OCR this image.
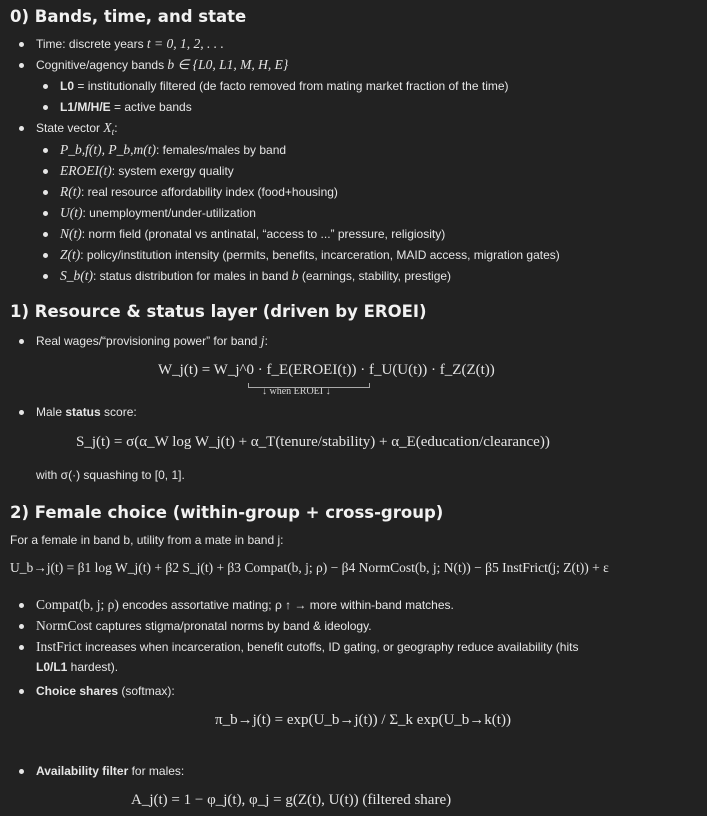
0) Bands, time, and state
Time: discrete years t = 0, 1, 2, . . .
Cognitive/agency bands b ∈ {L0, L1, M, H, E}
L0 = institutionally filtered (de facto removed from mating market fraction of the time)
L1/M/H/E = active bands
State vector $X_t$:
P_b,f(t), P_b,m(t): females/males by band
EROEI(t): system exergy quality
R(t): real resource affordability index (food+housing)
U(t): unemployment/under-utilization
N(t): norm field (pronatal vs antinatal, “access to ...” pressure, religiosity)
Z(t): policy/institution intensity (permits, benefits, incarceration, MAID access, migration gates)
S_b(t): status distribution for males in band b (earnings, stability, prestige)
1) Resource & status layer (driven by EROEI)
Real wages/“provisioning power” for band j:
W_j(t) = W_j^0 · f_E(EROEI(t)) · f_U(U(t)) · f_Z(Z(t))
↓ when EROEI ↓
Male status score:
S_j(t) = σ(α_W log W_j(t) + α_T(tenure/stability) + α_E(education/clearance))
with σ(·) squashing to [0, 1].
2) Female choice (within-group + cross-group)
For a female in band b, utility from a mate in band j:
U_b→j(t) = β1 log W_j(t) + β2 S_j(t) + β3 Compat(b, j; ρ) − β4 NormCost(b, j; N(t)) − β5 InstFrict(j; Z(t)) + ε
Compat(b, j; ρ) encodes assortative mating; ρ ↑ → more within-band matches.
NormCost captures stigma/pronatal norms by band & ideology.
InstFrict increases when incarceration, benefit cutoffs, ID gating, or geography reduce availability (hits
L0/L1 hardest).
Choice shares (softmax):
π_b→j(t) = exp(U_b→j(t)) / Σ_k exp(U_b→k(t))
Availability filter for males:
A_j(t) = 1 − φ_j(t), φ_j = g(Z(t), U(t)) (filtered share)
